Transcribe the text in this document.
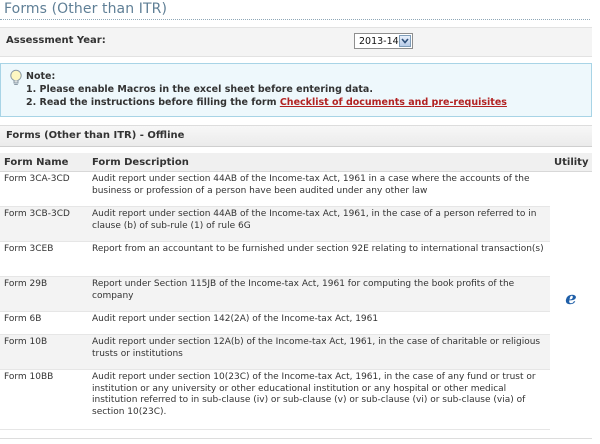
Forms (Other than ITR)
Assessment Year:	2013-14
Note:
1. Please enable Macros in the excel sheet before entering data.
2. Read the instructions before filling the form Checklist of documents and pre-requisites
Forms (Other than ITR) - Offline
Form Name	Form Description	Utility
Form 3CA-3CD	Audit report under section 44AB of the Income-tax Act, 1961 in a case where the accounts of the business or profession of a person have been audited under any other law	e
Form 3CB-3CD	Audit report under section 44AB of the Income-tax Act, 1961, in the case of a person referred to in clause (b) of sub-rule (1) of rule 6G	
Form 3CEB	Report from an accountant to be furnished under section 92E relating to international transaction(s)	
Form 29B	Report under Section 115JB of the Income-tax Act, 1961 for computing the book profits of the company	
Form 6B	Audit report under section 142(2A) of the Income-tax Act, 1961	
Form 10B	Audit report under section 12A(b) of the Income-tax Act, 1961, in the case of charitable or religious trusts or institutions	
Form 10BB	Audit report under section 10(23C) of the Income-tax Act, 1961, in the case of any fund or trust or institution or any university or other educational institution or any hospital or other medical institution referred to in sub-clause (iv) or sub-clause (v) or sub-clause (vi) or sub-clause (via) of section 10(23C).	
